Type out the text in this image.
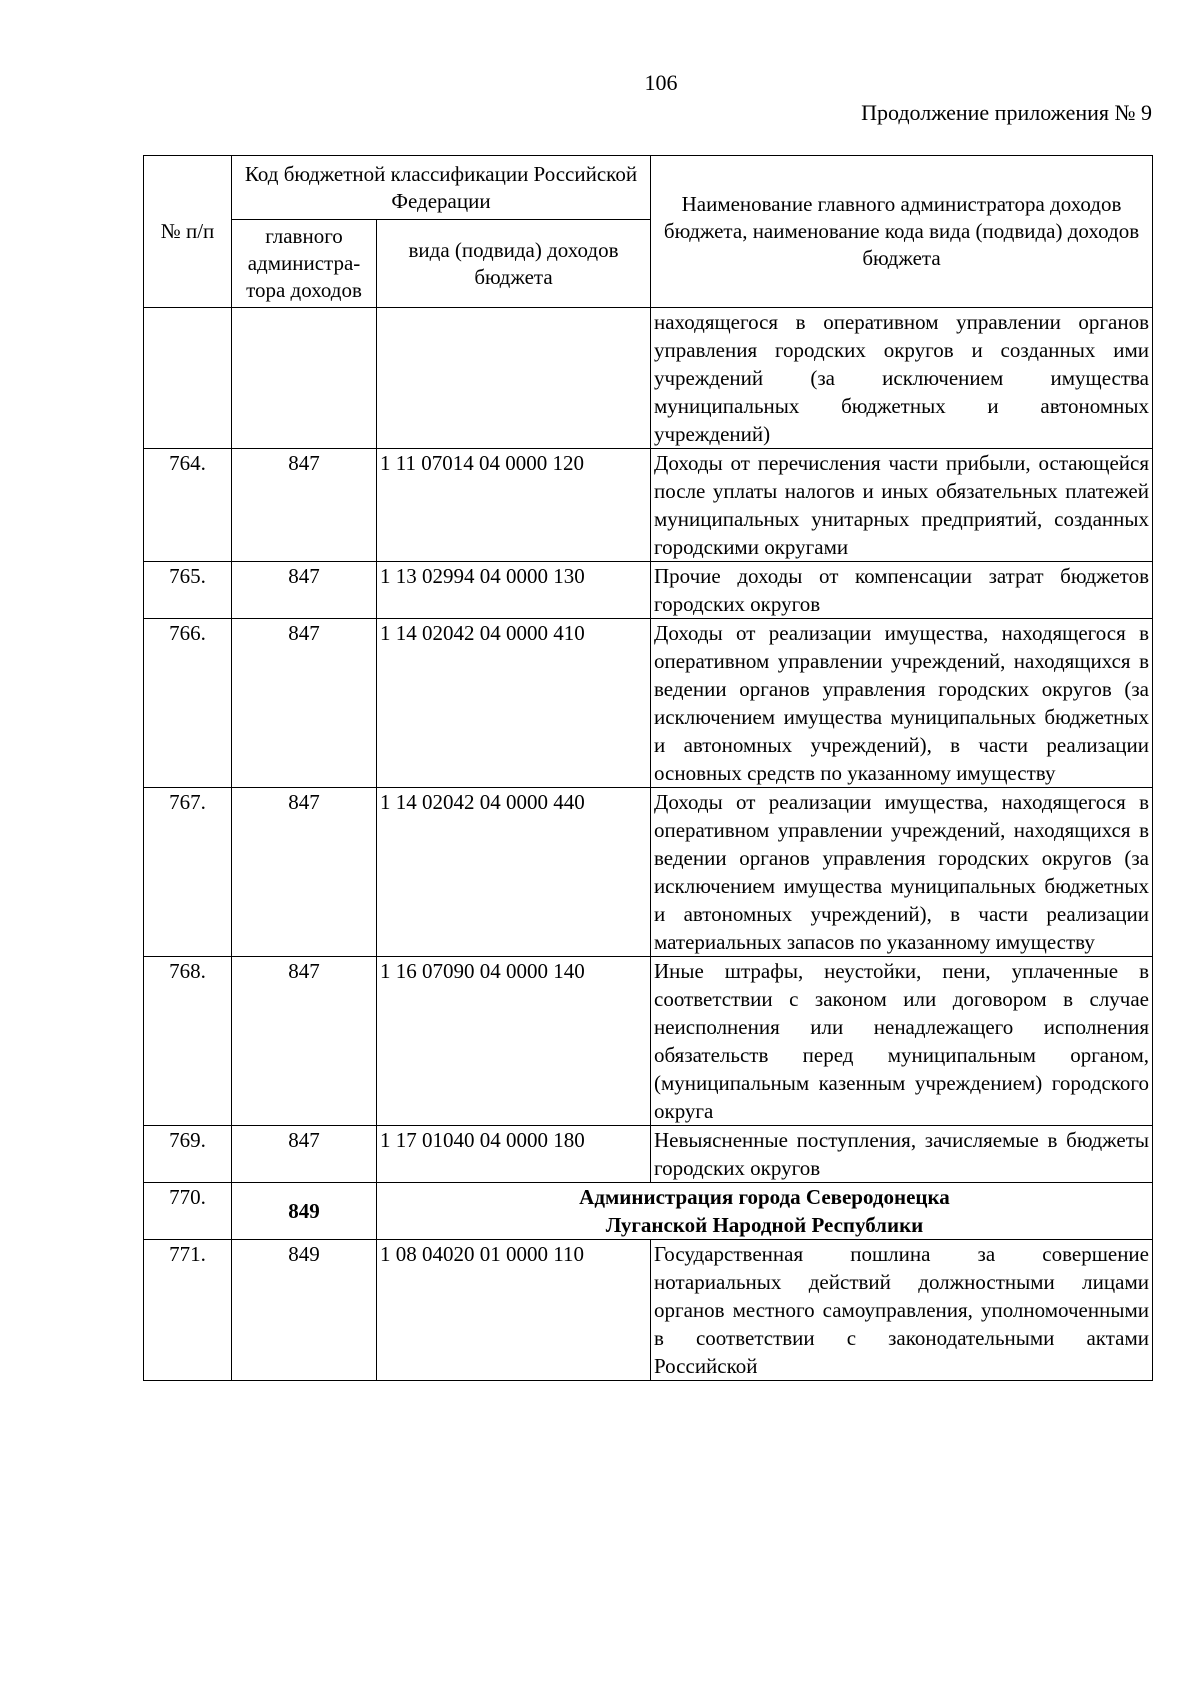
106
Продолжение приложения № 9
№ п/п	Код бюджетной классификации Российской Федерации		Наименование главного администратора доходов бюджета, наименование кода вида (подвида) доходов бюджета
	главного администра-тора доходов	вида (подвида) доходов бюджета	
			находящегося в оперативном управлении органов управления городских округов и созданных ими учреждений (за исключением имущества муниципальных бюджетных и автономных учреждений)
764.	847	1 11 07014 04 0000 120	Доходы от перечисления части прибыли, остающейся после уплаты налогов и иных обязательных платежей муниципальных унитарных предприятий, созданных городскими округами
765.	847	1 13 02994 04 0000 130	Прочие доходы от компенсации затрат бюджетов городских округов
766.	847	1 14 02042 04 0000 410	Доходы от реализации имущества, находящегося в оперативном управлении учреждений, находящихся в ведении органов управления городских округов (за исключением имущества муниципальных бюджетных и автономных учреждений), в части реализации основных средств по указанному имуществу
767.	847	1 14 02042 04 0000 440	Доходы от реализации имущества, находящегося в оперативном управлении учреждений, находящихся в ведении органов управления городских округов (за исключением имущества муниципальных бюджетных и автономных учреждений), в части реализации материальных запасов по указанному имуществу
768.	847	1 16 07090 04 0000 140	Иные штрафы, неустойки, пени, уплаченные в соответствии с законом или договором в случае неисполнения или ненадлежащего исполнения обязательств перед муниципальным органом, (муниципальным казенным учреждением) городского округа
769.	847	1 17 01040 04 0000 180	Невыясненные поступления, зачисляемые в бюджеты городских округов
770.	849	Администрация города Северодонецка
Луганской Народной Республики	

771.	849	1 08 04020 01 0000 110	Государственная пошлина за совершение нотариальных действий должностными лицами органов местного самоуправления, уполномоченными в соответствии с законодательными актами Российской
